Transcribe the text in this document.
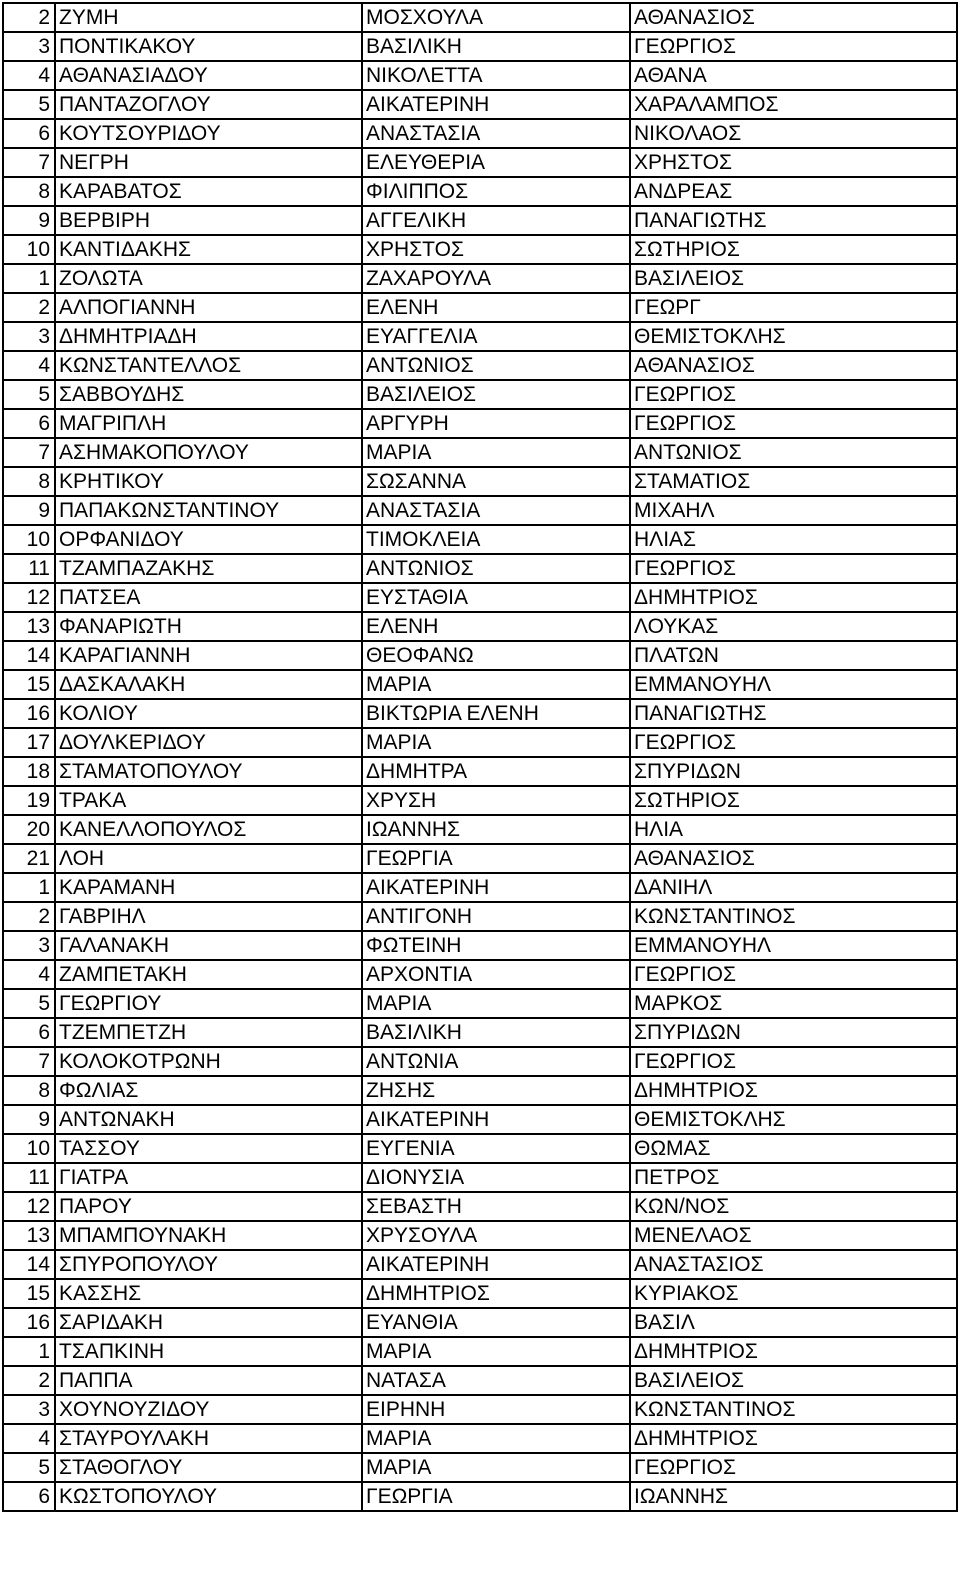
2	ΖΥΜΗ	ΜΟΣΧΟΥΛΑ	ΑΘΑΝΑΣΙΟΣ
3	ΠΟΝΤΙΚΑΚΟΥ	ΒΑΣΙΛΙΚΗ	ΓΕΩΡΓΙΟΣ
4	ΑΘΑΝΑΣΙΑΔΟΥ	ΝΙΚΟΛΕΤΤΑ	ΑΘΑΝΑ
5	ΠΑΝΤΑΖΟΓΛΟΥ	ΑΙΚΑΤΕΡΙΝΗ	ΧΑΡΑΛΑΜΠΟΣ
6	ΚΟΥΤΣΟΥΡΙΔΟΥ	ΑΝΑΣΤΑΣΙΑ	ΝΙΚΟΛΑΟΣ
7	ΝΕΓΡΗ	ΕΛΕΥΘΕΡΙΑ	ΧΡΗΣΤΟΣ
8	ΚΑΡΑΒΑΤΟΣ	ΦΙΛΙΠΠΟΣ	ΑΝΔΡΕΑΣ
9	ΒΕΡΒΙΡΗ	ΑΓΓΕΛΙΚΗ	ΠΑΝΑΓΙΩΤΗΣ
10	ΚΑΝΤΙΔΑΚΗΣ	ΧΡΗΣΤΟΣ	ΣΩΤΗΡΙΟΣ
1	ΖΟΛΩΤΑ	ΖΑΧΑΡΟΥΛΑ	ΒΑΣΙΛΕΙΟΣ
2	ΑΛΠΟΓΙΑΝΝΗ	ΕΛΕΝΗ	ΓΕΩΡΓ
3	ΔΗΜΗΤΡΙΑΔΗ	ΕΥΑΓΓΕΛΙΑ	ΘΕΜΙΣΤΟΚΛΗΣ
4	ΚΩΝΣΤΑΝΤΕΛΛΟΣ	ΑΝΤΩΝΙΟΣ	ΑΘΑΝΑΣΙΟΣ
5	ΣΑΒΒΟΥΔΗΣ	ΒΑΣΙΛΕΙΟΣ	ΓΕΩΡΓΙΟΣ
6	ΜΑΓΡΙΠΛΗ	ΑΡΓΥΡΗ	ΓΕΩΡΓΙΟΣ
7	ΑΣΗΜΑΚΟΠΟΥΛΟΥ	ΜΑΡΙΑ	ΑΝΤΩΝΙΟΣ
8	ΚΡΗΤΙΚΟΥ	ΣΩΣΑΝΝΑ	ΣΤΑΜΑΤΙΟΣ
9	ΠΑΠΑΚΩΝΣΤΑΝΤΙΝΟΥ	ΑΝΑΣΤΑΣΙΑ	ΜΙΧΑΗΛ
10	ΟΡΦΑΝΙΔΟΥ	ΤΙΜΟΚΛΕΙΑ	ΗΛΙΑΣ
11	ΤΖΑΜΠΑΖΑΚΗΣ	ΑΝΤΩΝΙΟΣ	ΓΕΩΡΓΙΟΣ
12	ΠΑΤΣΕΑ	ΕΥΣΤΑΘΙΑ	ΔΗΜΗΤΡΙΟΣ
13	ΦΑΝΑΡΙΩΤΗ	ΕΛΕΝΗ	ΛΟΥΚΑΣ
14	ΚΑΡΑΓΙΑΝΝΗ	ΘΕΟΦΑΝΩ	ΠΛΑΤΩΝ
15	ΔΑΣΚΑΛΑΚΗ	ΜΑΡΙΑ	ΕΜΜΑΝΟΥΗΛ
16	ΚΟΛΙΟΥ	ΒΙΚΤΩΡΙΑ ΕΛΕΝΗ	ΠΑΝΑΓΙΩΤΗΣ
17	ΔΟΥΛΚΕΡΙΔΟΥ	ΜΑΡΙΑ	ΓΕΩΡΓΙΟΣ
18	ΣΤΑΜΑΤΟΠΟΥΛΟΥ	ΔΗΜΗΤΡΑ	ΣΠΥΡΙΔΩΝ
19	ΤΡΑΚΑ	ΧΡΥΣΗ	ΣΩΤΗΡΙΟΣ
20	ΚΑΝΕΛΛΟΠΟΥΛΟΣ	ΙΩΑΝΝΗΣ	ΗΛΙΑ
21	ΛΟΗ	ΓΕΩΡΓΙΑ	ΑΘΑΝΑΣΙΟΣ
1	ΚΑΡΑΜΑΝΗ	ΑΙΚΑΤΕΡΙΝΗ	ΔΑΝΙΗΛ
2	ΓΑΒΡΙΗΛ	ΑΝΤΙΓΟΝΗ	ΚΩΝΣΤΑΝΤΙΝΟΣ
3	ΓΑΛΑΝΑΚΗ	ΦΩΤΕΙΝΗ	ΕΜΜΑΝΟΥΗΛ
4	ΖΑΜΠΕΤΑΚΗ	ΑΡΧΟΝΤΙΑ	ΓΕΩΡΓΙΟΣ
5	ΓΕΩΡΓΙΟΥ	ΜΑΡΙΑ	ΜΑΡΚΟΣ
6	ΤΖΕΜΠΕΤΖΗ	ΒΑΣΙΛΙΚΗ	ΣΠΥΡΙΔΩΝ
7	ΚΟΛΟΚΟΤΡΩΝΗ	ΑΝΤΩΝΙΑ	ΓΕΩΡΓΙΟΣ
8	ΦΩΛΙΑΣ	ΖΗΣΗΣ	ΔΗΜΗΤΡΙΟΣ
9	ΑΝΤΩΝΑΚΗ	ΑΙΚΑΤΕΡΙΝΗ	ΘΕΜΙΣΤΟΚΛΗΣ
10	ΤΑΣΣΟΥ	ΕΥΓΕΝΙΑ	ΘΩΜΑΣ
11	ΓΙΑΤΡΑ	ΔΙΟΝΥΣΙΑ	ΠΕΤΡΟΣ
12	ΠΑΡΟΥ	ΣΕΒΑΣΤΗ	ΚΩΝ/ΝΟΣ
13	ΜΠΑΜΠΟΥΝΑΚΗ	ΧΡΥΣΟΥΛΑ	ΜΕΝΕΛΑΟΣ
14	ΣΠΥΡΟΠΟΥΛΟΥ	ΑΙΚΑΤΕΡΙΝΗ	ΑΝΑΣΤΑΣΙΟΣ
15	ΚΑΣΣΗΣ	ΔΗΜΗΤΡΙΟΣ	ΚΥΡΙΑΚΟΣ
16	ΣΑΡΙΔΑΚΗ	ΕΥΑΝΘΙΑ	ΒΑΣΙΛ
1	ΤΣΑΠΚΙΝΗ	ΜΑΡΙΑ	ΔΗΜΗΤΡΙΟΣ
2	ΠΑΠΠΑ	ΝΑΤΑΣΑ	ΒΑΣΙΛΕΙΟΣ
3	ΧΟΥΝΟΥΖΙΔΟΥ	ΕΙΡΗΝΗ	ΚΩΝΣΤΑΝΤΙΝΟΣ
4	ΣΤΑΥΡΟΥΛΑΚΗ	ΜΑΡΙΑ	ΔΗΜΗΤΡΙΟΣ
5	ΣΤΑΘΟΓΛΟΥ	ΜΑΡΙΑ	ΓΕΩΡΓΙΟΣ
6	ΚΩΣΤΟΠΟΥΛΟΥ	ΓΕΩΡΓΙΑ	ΙΩΑΝΝΗΣ
